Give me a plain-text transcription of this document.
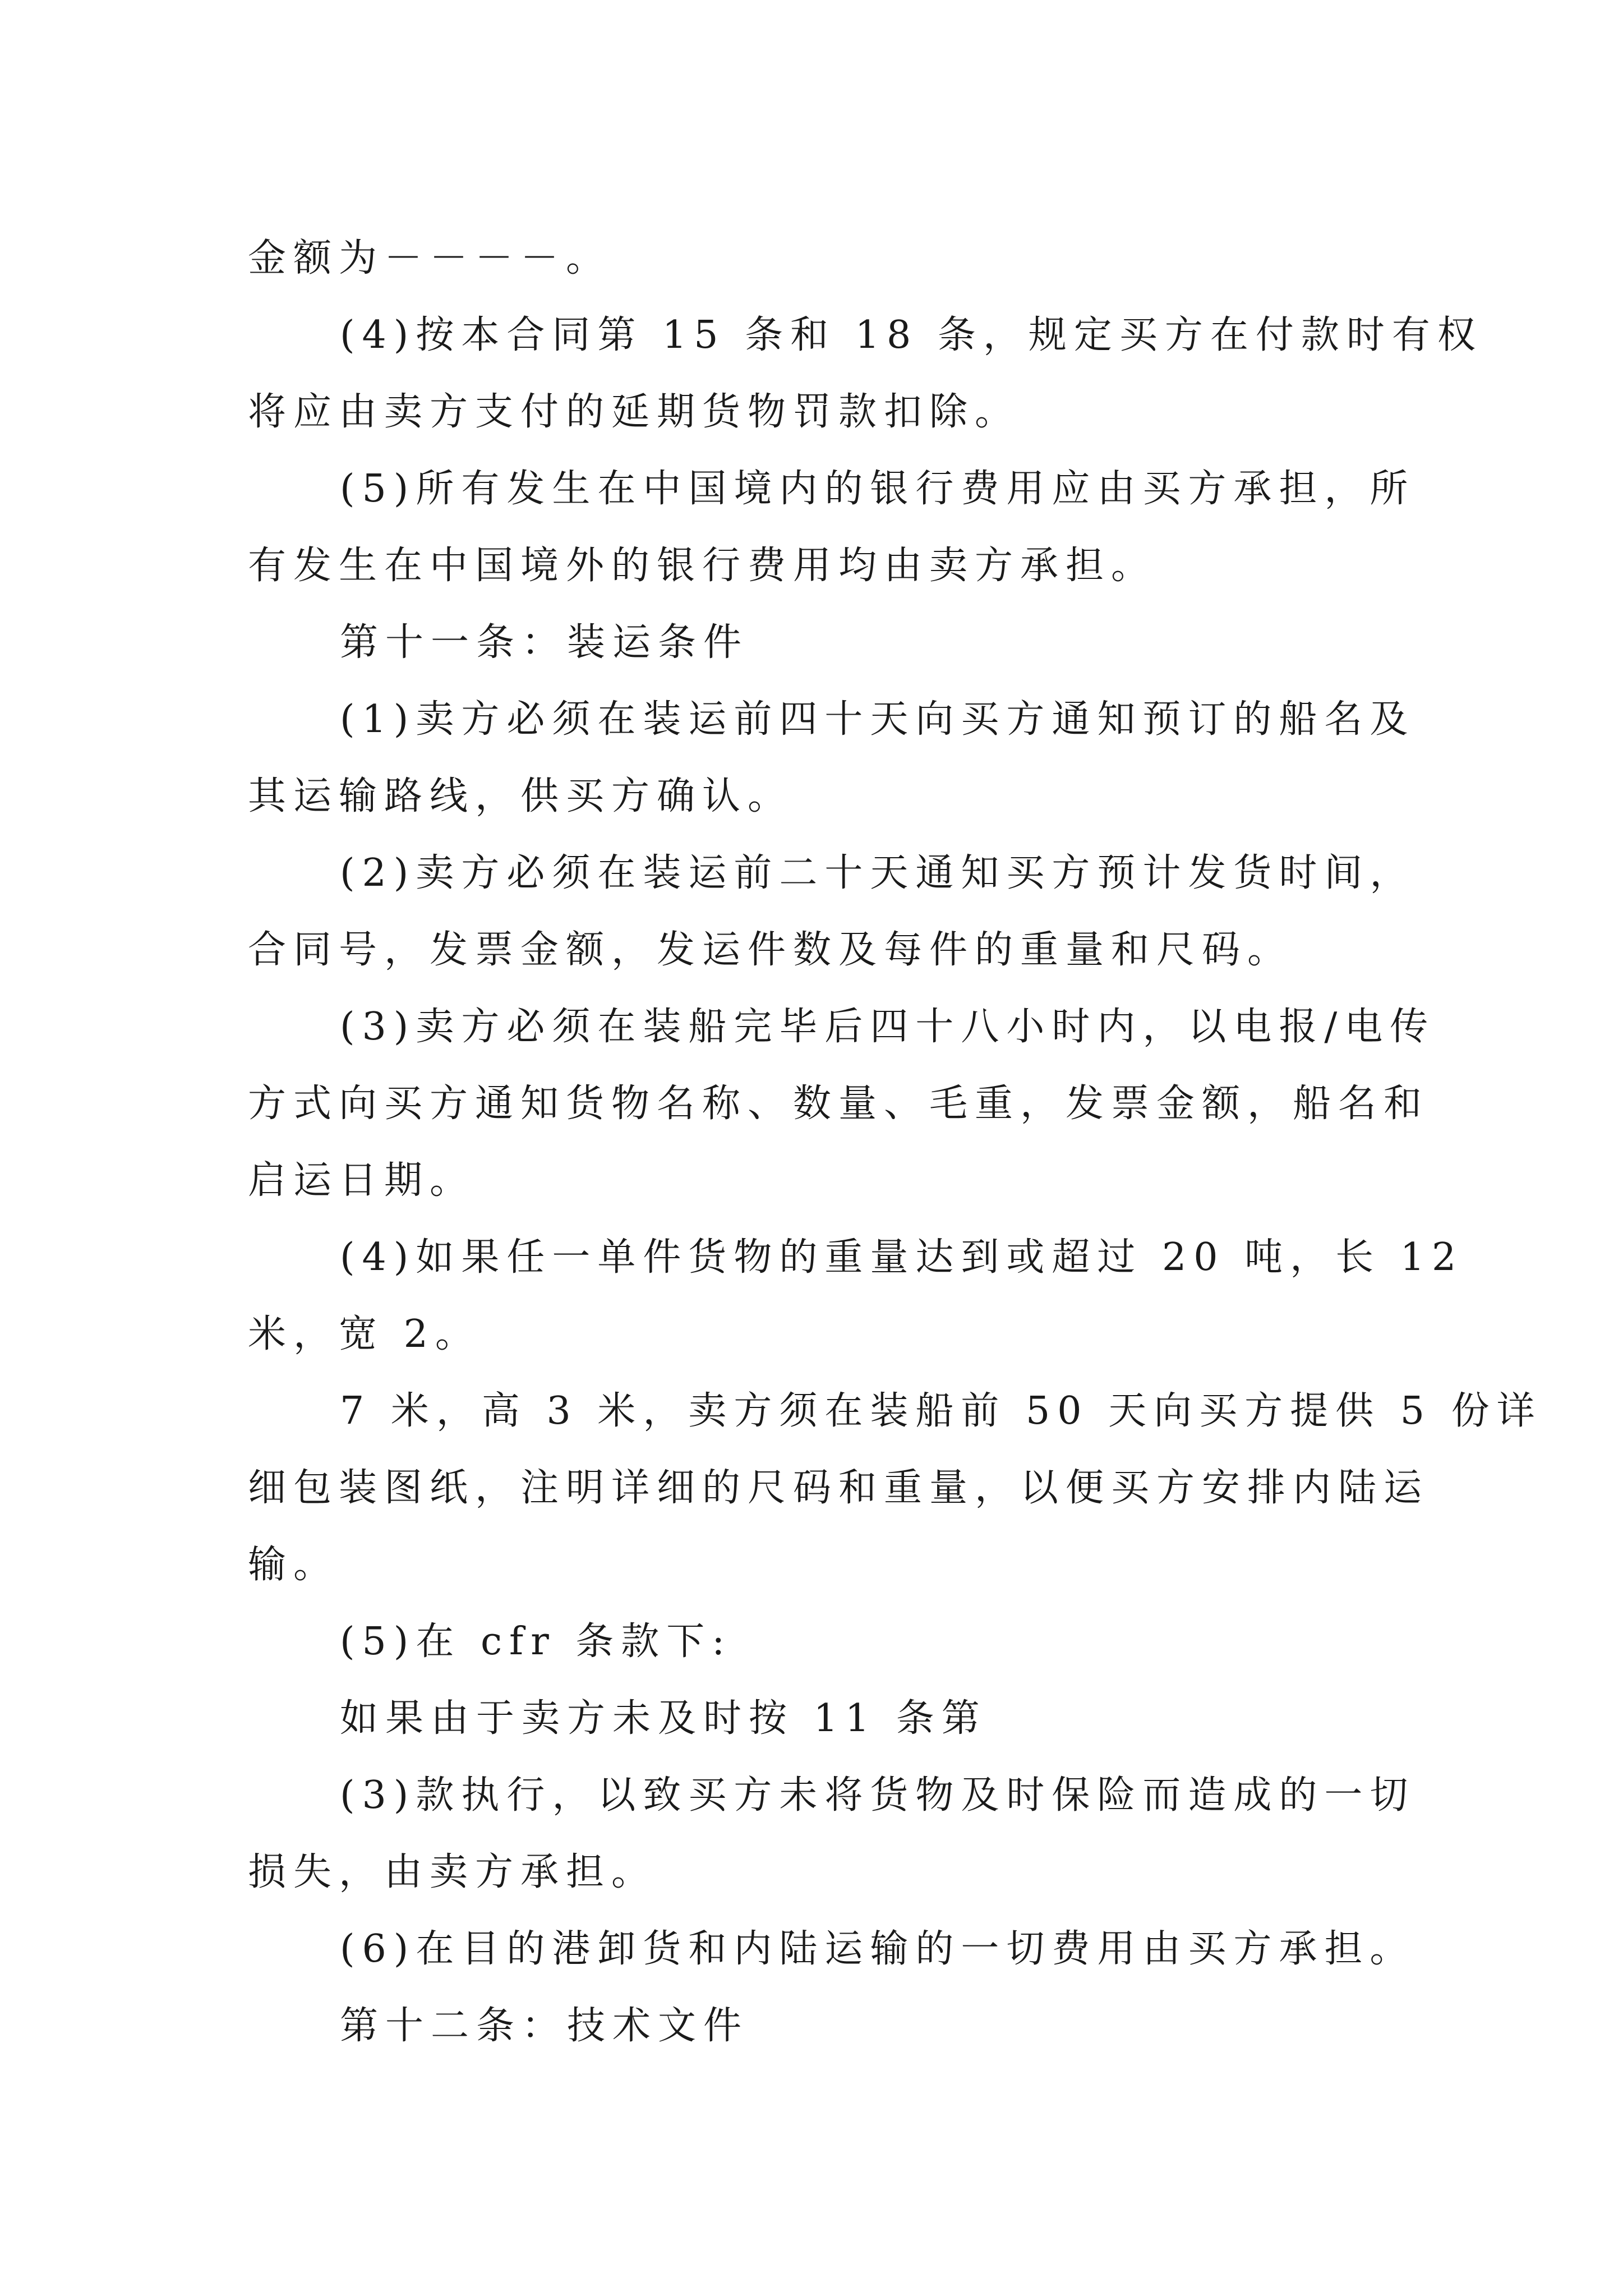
金额为－－－－。
(4)按本合同第 15 条和 18 条，规定买方在付款时有权
将应由卖方支付的延期货物罚款扣除。
(5)所有发生在中国境内的银行费用应由买方承担，所
有发生在中国境外的银行费用均由卖方承担。
第十一条：装运条件
(1)卖方必须在装运前四十天向买方通知预订的船名及
其运输路线，供买方确认。
(2)卖方必须在装运前二十天通知买方预计发货时间，
合同号，发票金额，发运件数及每件的重量和尺码。
(3)卖方必须在装船完毕后四十八小时内，以电报/电传
方式向买方通知货物名称、数量、毛重，发票金额，船名和
启运日期。
(4)如果任一单件货物的重量达到或超过 20 吨，长 12
米，宽 2。
7 米，高 3 米，卖方须在装船前 50 天向买方提供 5 份详
细包装图纸，注明详细的尺码和重量，以便买方安排内陆运
输。
(5)在 cfr 条款下:
如果由于卖方未及时按 11 条第
(3)款执行，以致买方未将货物及时保险而造成的一切
损失，由卖方承担。
(6)在目的港卸货和内陆运输的一切费用由买方承担。
第十二条：技术文件
